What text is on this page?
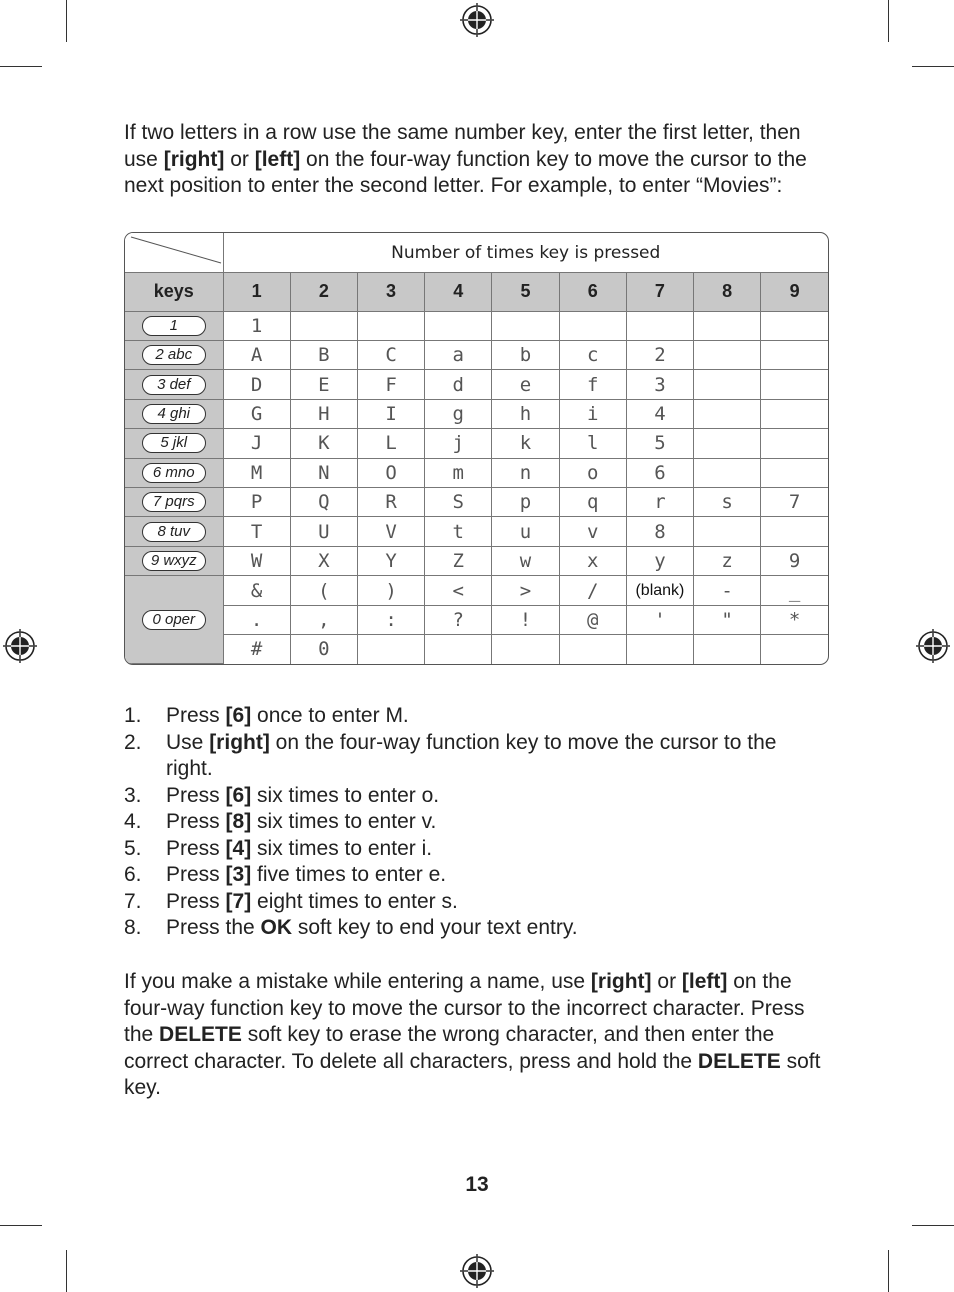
If two letters in a row use the same number key, enter the first letter, then use [right] or [left] on the four-way function key to move the cursor to the next position to enter the second letter. For example, to enter “Movies”:

	Number of times key is pressed								
keys	1	2	3	4	5	6	7	8	9
1	1								
2 abc	A	B	C	a	b	c	2		
3 def	D	E	F	d	e	f	3		
4 ghi	G	H	I	g	h	i	4		
5 jkl	J	K	L	j	k	l	5		
6 mno	M	N	O	m	n	o	6		
7 pqrs	P	Q	R	S	p	q	r	s	7
8 tuv	T	U	V	t	u	v	8		
9 wxyz	W	X	Y	Z	w	x	y	z	9
0 oper	&	(	)	<	>	/	(blank)	-	_
	.	,	:	?	!	@	'	"	*
	#	0							
1. Press [6] once to enter M.
2. Use [right] on the four-way function key to move the cursor to the right.
3. Press [6] six times to enter o.
4. Press [8] six times to enter v.
5. Press [4] six times to enter i.
6. Press [3] five times to enter e.
7. Press [7] eight times to enter s.
8. Press the OK soft key to end your text entry.

If you make a mistake while entering a name, use [right] or [left] on the four-way function key to move the cursor to the incorrect character. Press the DELETE soft key to erase the wrong character, and then enter the correct character. To delete all characters, press and hold the DELETE soft key.

13
